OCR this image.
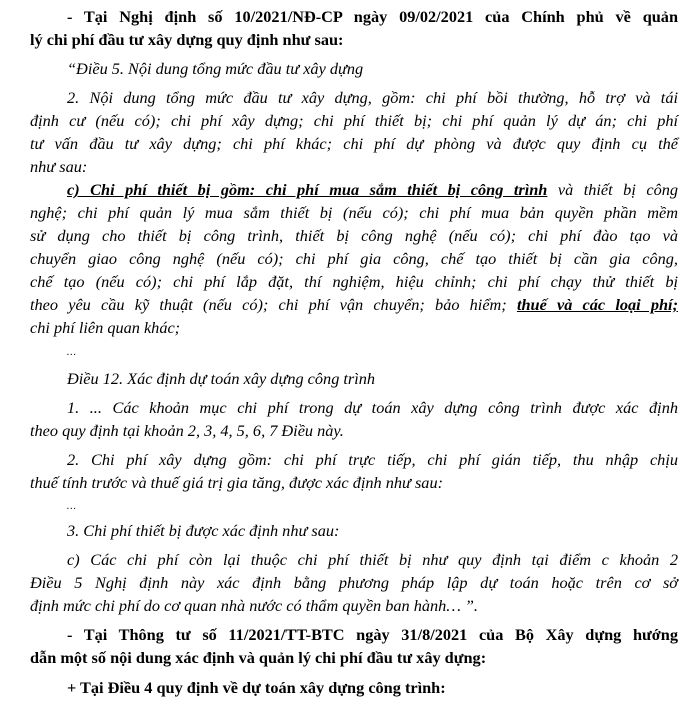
- Tại Nghị định số 10/2021/NĐ-CP ngày 09/02/2021 của Chính phủ về quản
lý chi phí đầu tư xây dựng quy định như sau:
“Điều 5. Nội dung tổng mức đầu tư xây dựng
2. Nội dung tổng mức đầu tư xây dựng, gồm: chi phí bồi thường, hỗ trợ và tái
định cư (nếu có); chi phí xây dựng; chi phí thiết bị; chi phí quản lý dự án; chi phí
tư vấn đầu tư xây dựng; chi phí khác; chi phí dự phòng và được quy định cụ thể
như sau:
c) Chi phí thiết bị gồm: chi phí mua sắm thiết bị công trình và thiết bị công
nghệ; chi phí quản lý mua sắm thiết bị (nếu có); chi phí mua bản quyền phần mềm
sử dụng cho thiết bị công trình, thiết bị công nghệ (nếu có); chi phí đào tạo và
chuyển giao công nghệ (nếu có); chi phí gia công, chế tạo thiết bị cần gia công,
chế tạo (nếu có); chi phí lắp đặt, thí nghiệm, hiệu chỉnh; chi phí chạy thử thiết bị
theo yêu cầu kỹ thuật (nếu có); chi phí vận chuyển; bảo hiểm; thuế và các loại phí;
chi phí liên quan khác;
…
Điều 12. Xác định dự toán xây dựng công trình
1. ... Các khoản mục chi phí trong dự toán xây dựng công trình được xác định
theo quy định tại khoản 2, 3, 4, 5, 6, 7 Điều này.
2. Chi phí xây dựng gồm: chi phí trực tiếp, chi phí gián tiếp, thu nhập chịu
thuế tính trước và thuế giá trị gia tăng, được xác định như sau:
…
3. Chi phí thiết bị được xác định như sau:
c) Các chi phí còn lại thuộc chi phí thiết bị như quy định tại điểm c khoản 2
Điều 5 Nghị định này xác định bằng phương pháp lập dự toán hoặc trên cơ sở
định mức chi phí do cơ quan nhà nước có thẩm quyền ban hành… ”.
- Tại Thông tư số 11/2021/TT-BTC ngày 31/8/2021 của Bộ Xây dựng hướng
dẫn một số nội dung xác định và quản lý chi phí đầu tư xây dựng:
+ Tại Điều 4 quy định về dự toán xây dựng công trình:
